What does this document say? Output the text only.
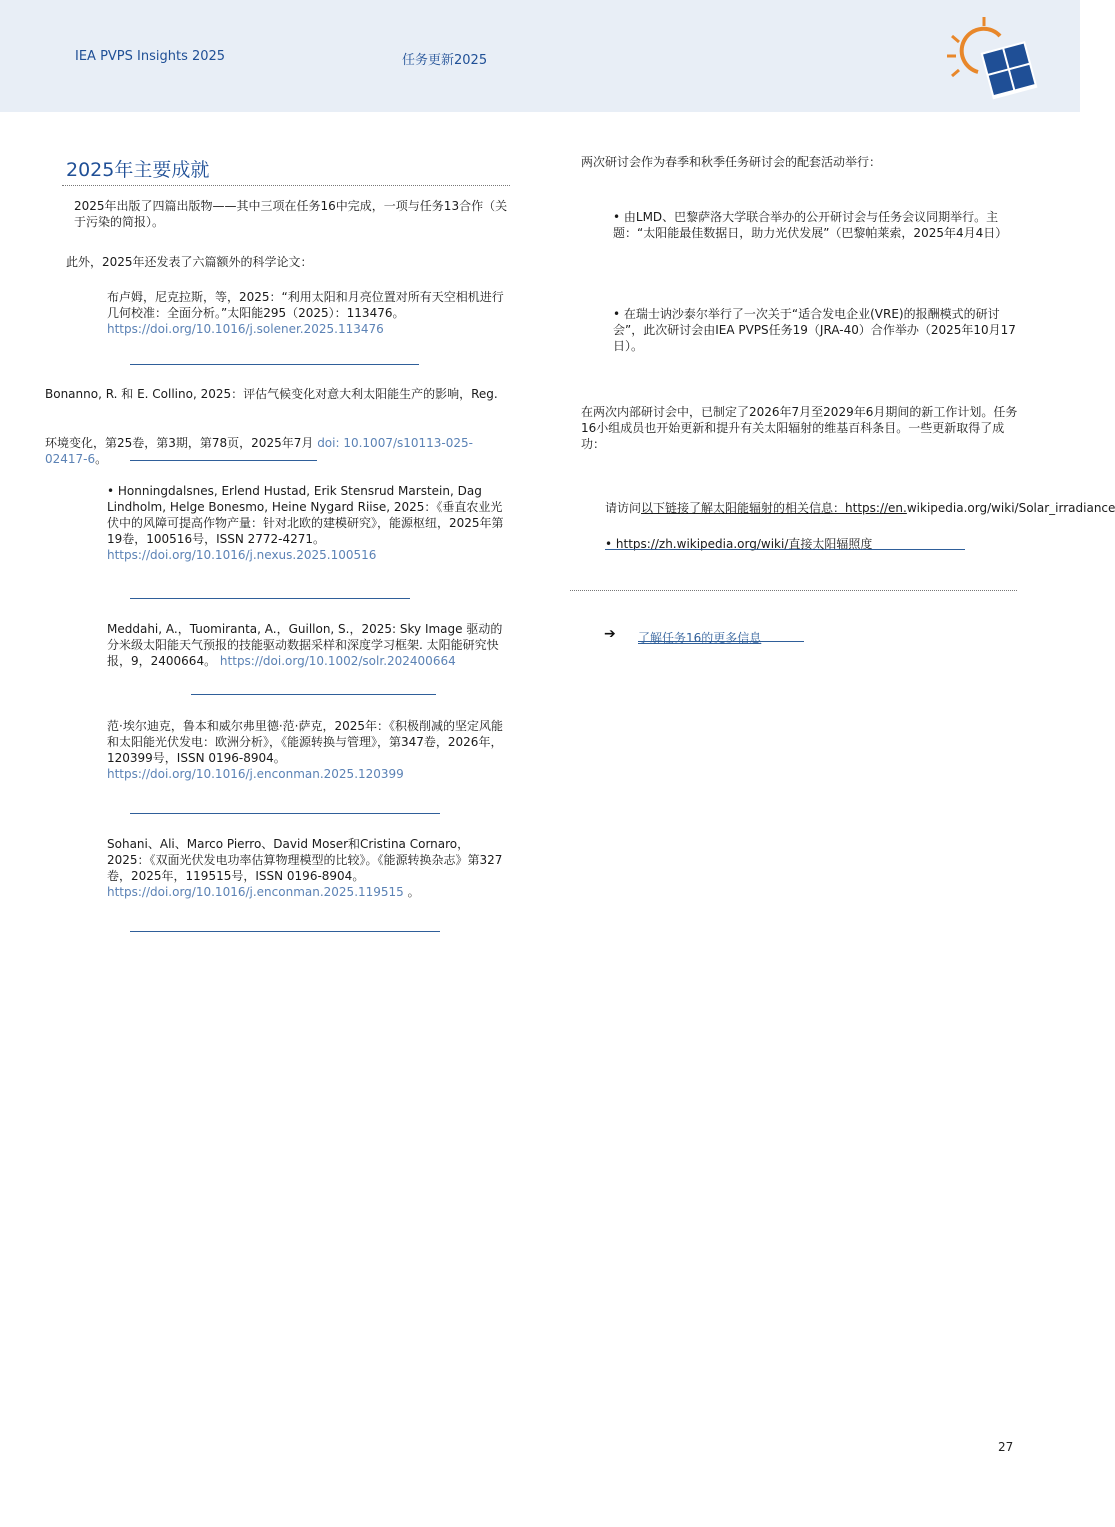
IEA PVPS Insights 2025	任务更新2025
2025年主要成就

2025年出版了四篇出版物——其中三项在任务16中完成，一项与任务13合作（关于污染的简报）。

此外，2025年还发表了六篇额外的科学论文：

布卢姆，尼克拉斯，等，2025：“利用太阳和月亮位置对所有天空相机进行几何校准：全面分析。”太阳能295（2025）：113476。

https://doi.org/10.1016/j.solener.2025.113476

Bonanno, R. 和 E. Collino, 2025：评估气候变化对意大利太阳能生产的影响，Reg.

环境变化，第25卷，第3期，第78页，2025年7月 doi: 10.1007/s10113-025-02417-6。

• Honningdalsnes, Erlend Hustad, Erik Stensrud Marstein, Dag Lindholm, Helge Bonesmo, Heine Nygard Riise, 2025：《垂直农业光伏中的风障可提高作物产量：针对北欧的建模研究》，能源枢纽，2025年第19卷，100516号，ISSN 2772-4271。

https://doi.org/10.1016/j.nexus.2025.100516

Meddahi, A.，Tuomiranta, A.，Guillon, S.，2025: Sky Image 驱动的分米级太阳能天气预报的技能驱动数据采样和深度学习框架. 太阳能研究快报，9，2400664。 https://doi.org/10.1002/solr.202400664

范·埃尔迪克，鲁本和威尔弗里德·范·萨克，2025年：《积极削减的坚定风能和太阳能光伏发电：欧洲分析》，《能源转换与管理》，第347卷，2026年，120399号，ISSN 0196-8904。

https://doi.org/10.1016/j.enconman.2025.120399

Sohani、Ali、Marco Pierro、David Moser和Cristina Cornaro，2025：《双面光伏发电功率估算物理模型的比较》。《能源转换杂志》第327卷，2025年，119515号，ISSN 0196-8904。

https://doi.org/10.1016/j.enconman.2025.119515 。

两次研讨会作为春季和秋季任务研讨会的配套活动举行：

• 由LMD、巴黎萨洛大学联合举办的公开研讨会与任务会议同期举行。主题：“太阳能最佳数据日，助力光伏发展”（巴黎帕莱索，2025年4月4日）

• 在瑞士讷沙泰尔举行了一次关于“适合发电企业(VRE)的报酬模式的研讨会”，此次研讨会由IEA PVPS任务19（JRA-40）合作举办（2025年10月17日）。

在两次内部研讨会中，已制定了2026年7月至2029年6月期间的新工作计划。任务16小组成员也开始更新和提升有关太阳辐射的维基百科条目。一些更新取得了成功：

请访问以下链接了解太阳能辐射的相关信息：https://en.wikipedia.org/wiki/Solar_irradiance

• https://zh.wikipedia.org/wiki/直接太阳辐照度

➔ 了解任务16的更多信息
27
